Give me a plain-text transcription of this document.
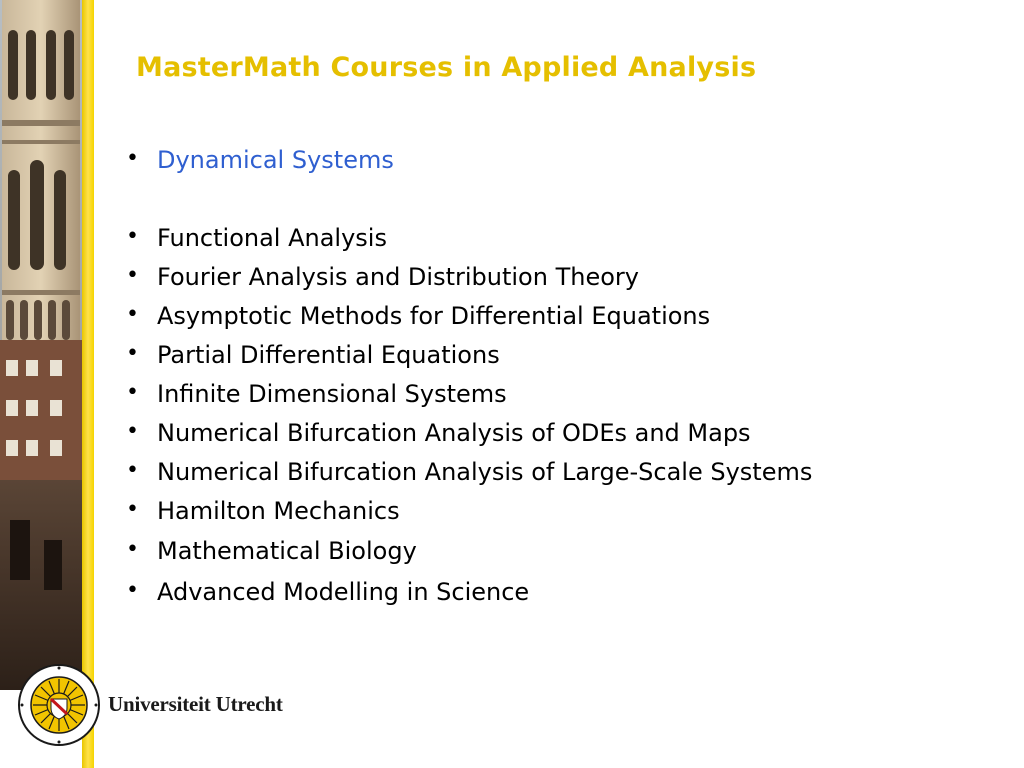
MasterMath Courses in Applied Analysis
• Dynamical Systems
• Functional Analysis
• Fourier Analysis and Distribution Theory
• Asymptotic Methods for Differential Equations
• Partial Differential Equations
• Infinite Dimensional Systems
• Numerical Bifurcation Analysis of ODEs and Maps
• Numerical Bifurcation Analysis of Large-Scale Systems
• Hamilton Mechanics
• Mathematical Biology
• Advanced Modelling in Science
Universiteit Utrecht
